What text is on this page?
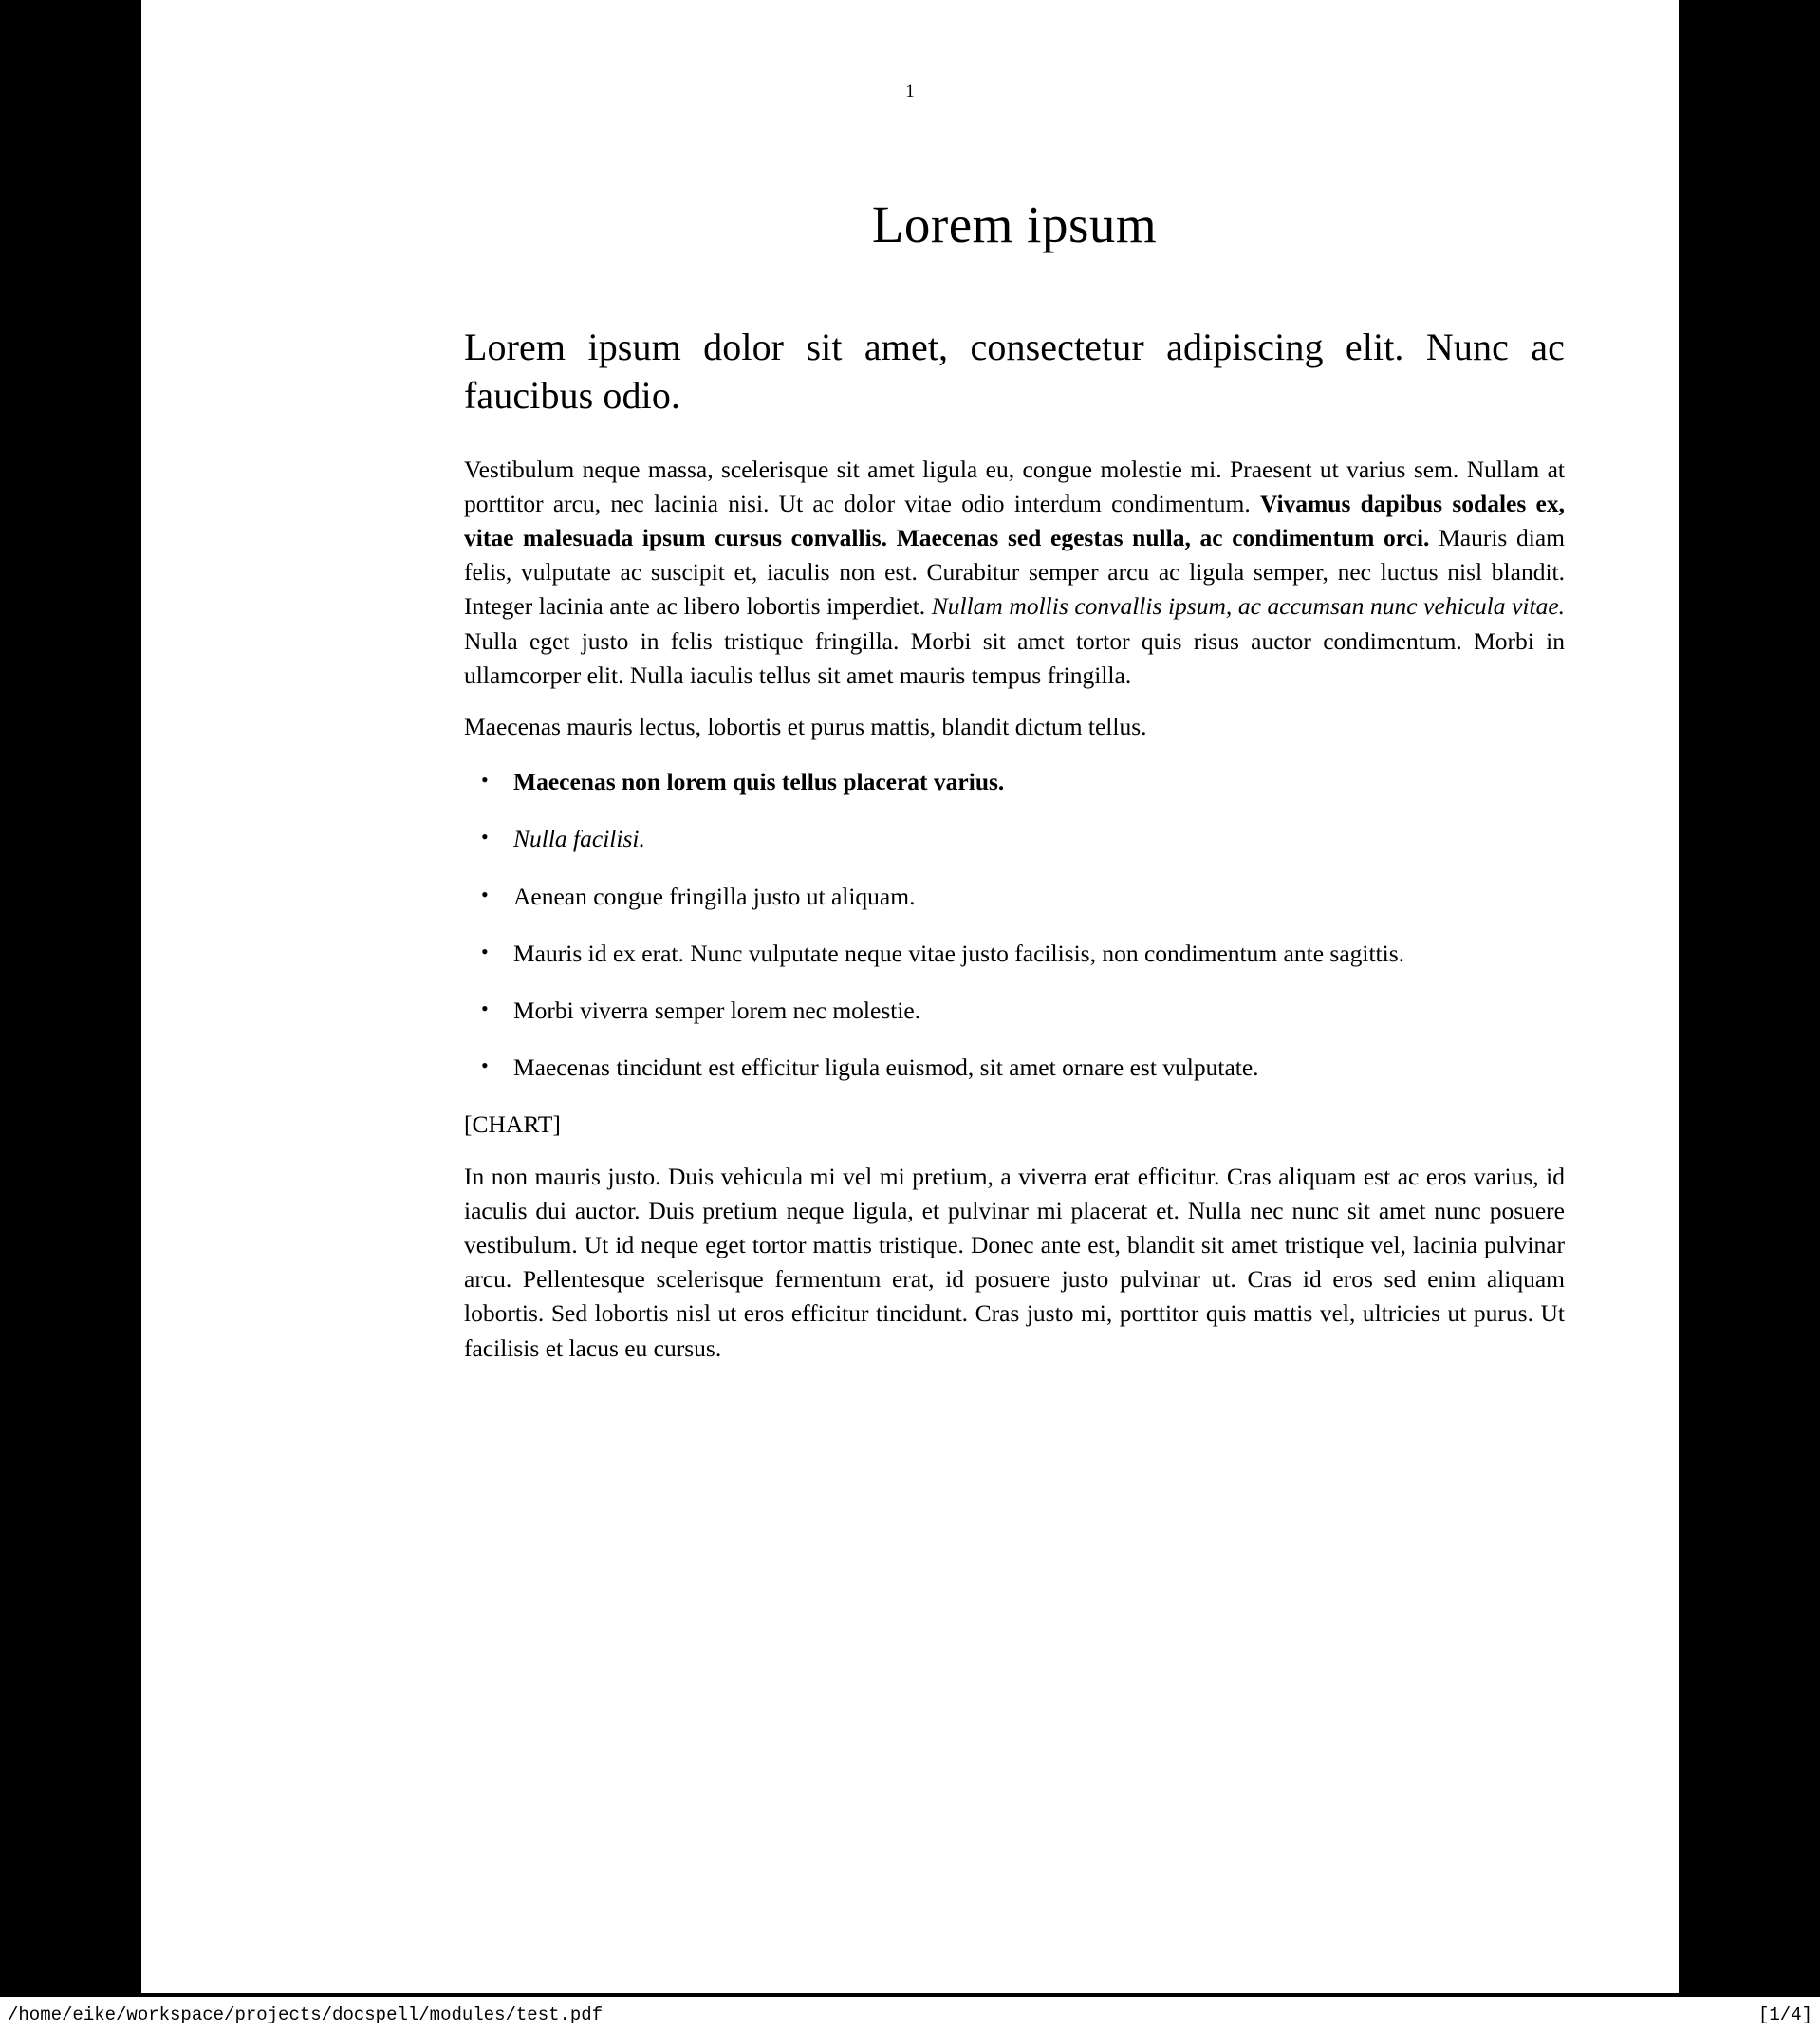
1
Lorem ipsum
Lorem ipsum dolor sit amet, consectetur adipiscing elit. Nunc ac faucibus odio.

Vestibulum neque massa, scelerisque sit amet ligula eu, congue molestie mi. Praesent ut varius sem. Nullam at porttitor arcu, nec lacinia nisi. Ut ac dolor vitae odio interdum condimentum. Vivamus dapibus sodales ex, vitae malesuada ipsum cursus convallis. Maecenas sed egestas nulla, ac condimentum orci. Mauris diam felis, vulputate ac suscipit et, iaculis non est. Curabitur semper arcu ac ligula semper, nec luctus nisl blandit. Integer lacinia ante ac libero lobortis imperdiet. Nullam mollis convallis ipsum, ac accumsan nunc vehicula vitae. Nulla eget justo in felis tristique fringilla. Morbi sit amet tortor quis risus auctor condimentum. Morbi in ullamcorper elit. Nulla iaculis tellus sit amet mauris tempus fringilla.

Maecenas mauris lectus, lobortis et purus mattis, blandit dictum tellus.

• Maecenas non lorem quis tellus placerat varius.
• Nulla facilisi.
• Aenean congue fringilla justo ut aliquam.
• Mauris id ex erat. Nunc vulputate neque vitae justo facilisis, non condimentum ante sagittis.
• Morbi viverra semper lorem nec molestie.
• Maecenas tincidunt est efficitur ligula euismod, sit amet ornare est vulputate.
[CHART]

In non mauris justo. Duis vehicula mi vel mi pretium, a viverra erat efficitur. Cras aliquam est ac eros varius, id iaculis dui auctor. Duis pretium neque ligula, et pulvinar mi placerat et. Nulla nec nunc sit amet nunc posuere vestibulum. Ut id neque eget tortor mattis tristique. Donec ante est, blandit sit amet tristique vel, lacinia pulvinar arcu. Pellentesque scelerisque fermentum erat, id posuere justo pulvinar ut. Cras id eros sed enim aliquam lobortis. Sed lobortis nisl ut eros efficitur tincidunt. Cras justo mi, porttitor quis mattis vel, ultricies ut purus. Ut facilisis et lacus eu cursus.

/home/eike/workspace/projects/docspell/modules/test.pdf	[1/4]
